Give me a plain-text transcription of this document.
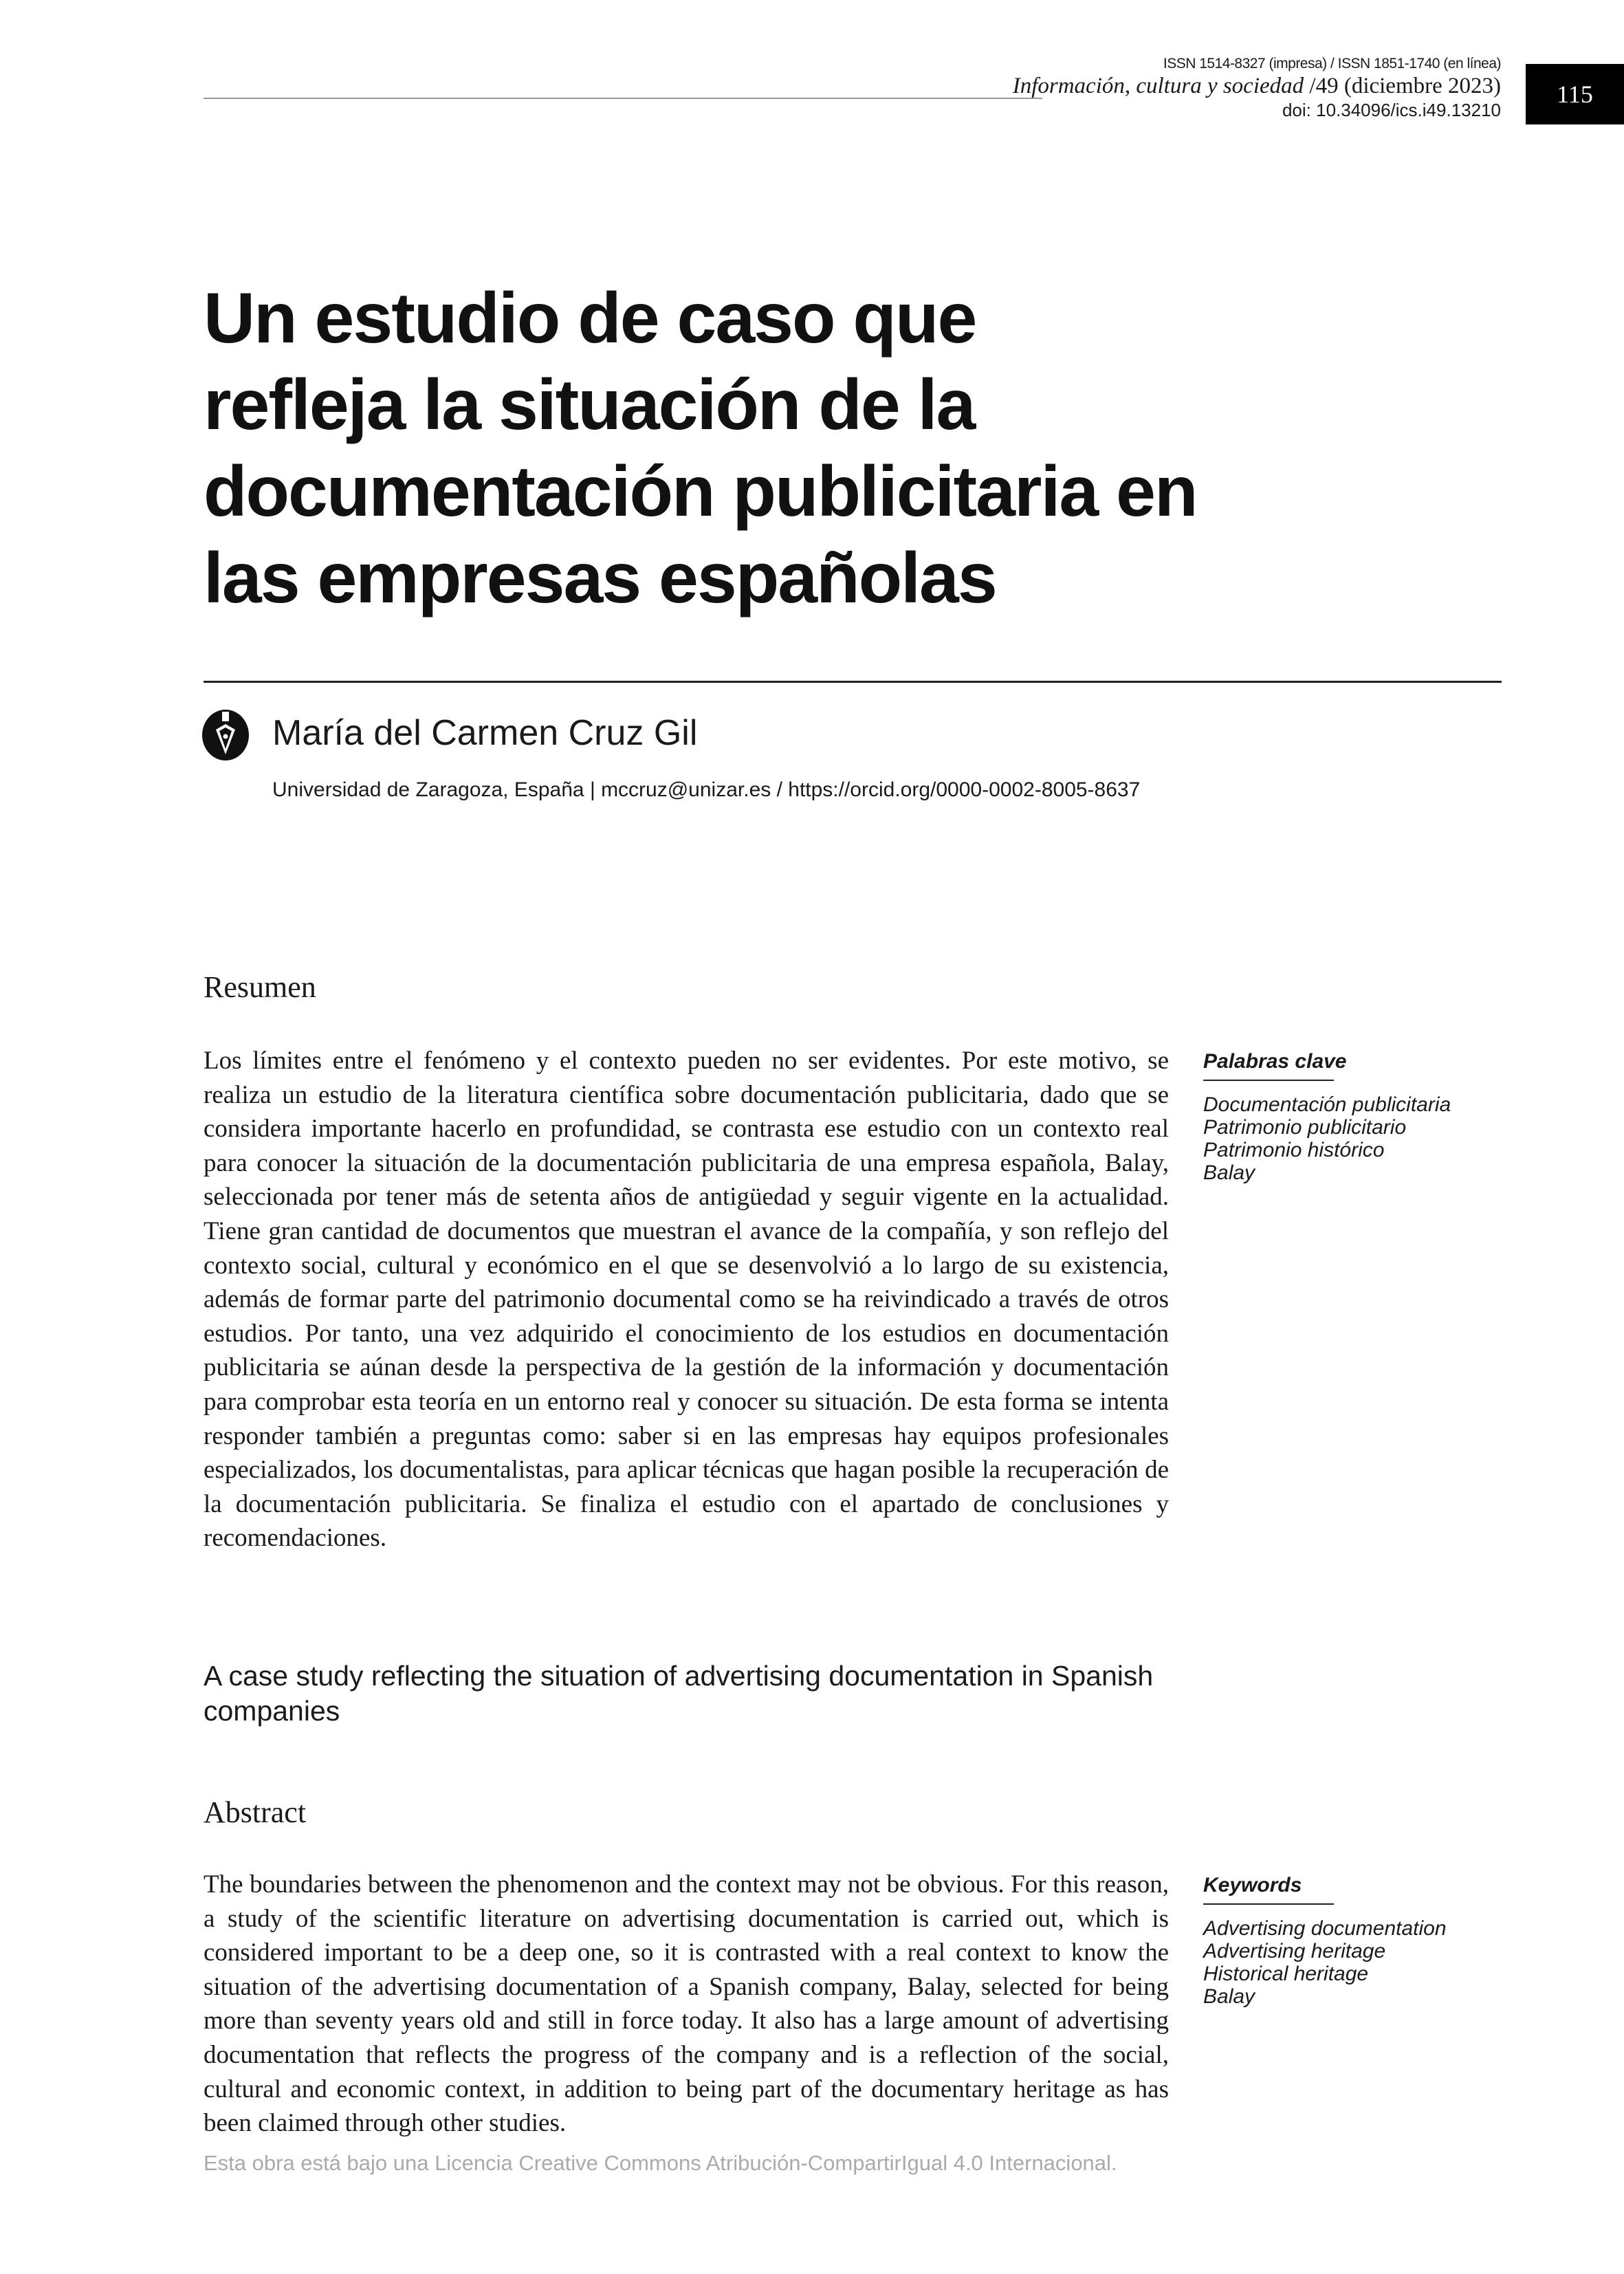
ISSN 1514-8327 (impresa) / ISSN 1851-1740 (en línea)
Información, cultura y sociedad /49 (diciembre 2023)
doi: 10.34096/ics.i49.13210
115
Un estudio de caso que
refleja la situación de la
documentación publicitaria en
las empresas españolas
María del Carmen Cruz Gil
Universidad de Zaragoza, España | mccruz@unizar.es / https://orcid.org/0000-0002-8005-8637
Resumen
Los límites entre el fenómeno y el contexto pueden no ser evidentes. Por este motivo, se realiza un estudio de la literatura científica sobre documentación publicitaria, dado que se considera importante hacerlo en profundidad, se contrasta ese estudio con un contexto real para conocer la situación de la documentación publicitaria de una empresa española, Balay, seleccionada por tener más de setenta años de antigüedad y seguir vigente en la actualidad. Tiene gran cantidad de documentos que muestran el avance de la compañía, y son reflejo del contexto social, cultural y económico en el que se desenvolvió a lo largo de su existencia, además de formar parte del patrimonio documental como se ha reivindicado a través de otros estudios. Por tanto, una vez adquirido el conocimiento de los estudios en documentación publicitaria se aúnan desde la perspectiva de la gestión de la información y documentación para comprobar esta teoría en un entorno real y conocer su situación. De esta forma se intenta responder también a preguntas como: saber si en las empresas hay equipos profesionales especializados, los documentalistas, para aplicar técnicas que hagan posible la recuperación de la documentación publicitaria. Se finaliza el estudio con el apartado de conclusiones y recomendaciones.
Palabras clave
Documentación publicitaria
Patrimonio publicitario
Patrimonio histórico
Balay
A case study reflecting the situation of advertising documentation in Spanish companies
Abstract
The boundaries between the phenomenon and the context may not be obvious. For this reason, a study of the scientific literature on advertising documentation is carried out, which is considered important to be a deep one, so it is contrasted with a real context to know the situation of the advertising documentation of a Spanish company, Balay, selected for being more than seventy years old and still in force today. It also has a large amount of advertising documentation that reflects the progress of the company and is a reflection of the social, cultural and economic context, in addition to being part of the documentary heritage as has been claimed through other studies.
Keywords
Advertising documentation
Advertising heritage
Historical heritage
Balay
Esta obra está bajo una Licencia Creative Commons Atribución-CompartirIgual 4.0 Internacional.
